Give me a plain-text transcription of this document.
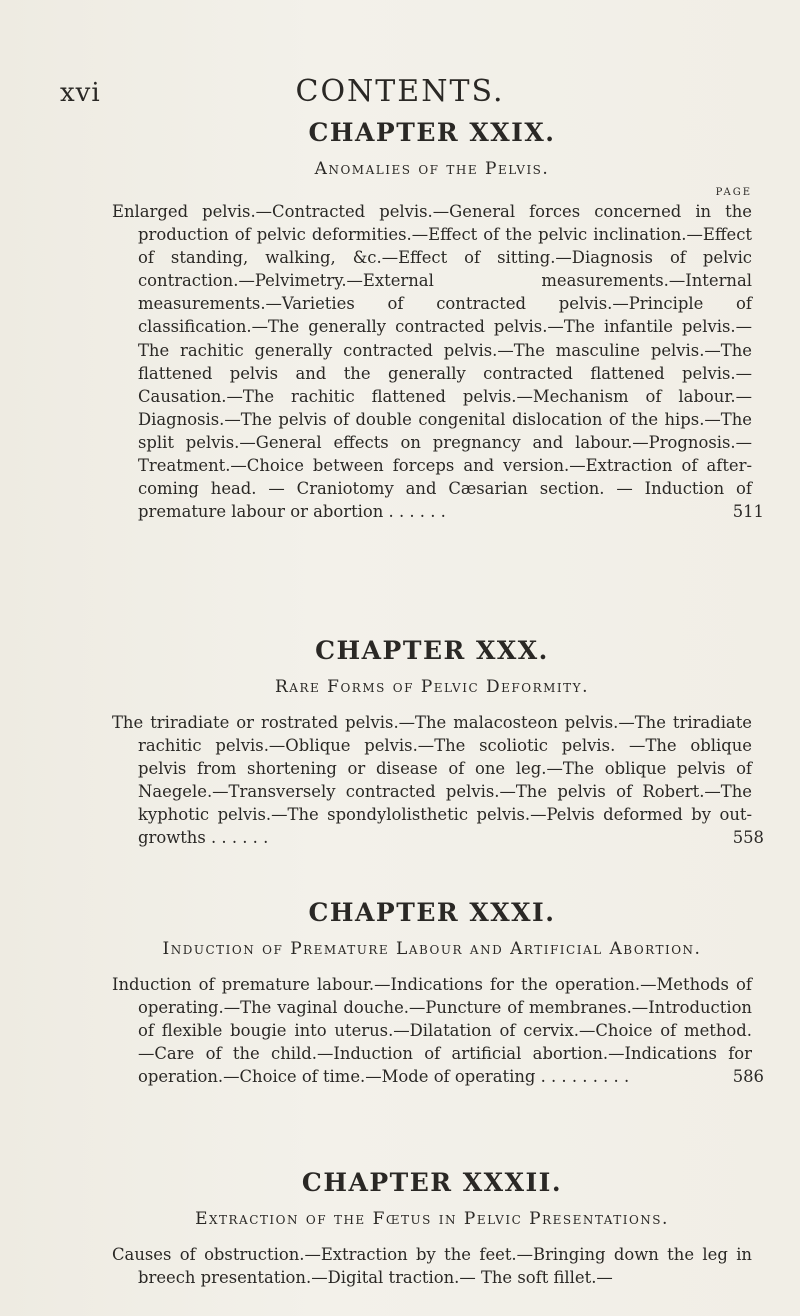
xvi	CONTENTS.
CHAPTER XXIX.
Anomalies of the Pelvis.
PAGE
Enlarged pelvis.—Contracted pelvis.—General forces concerned in the production of pelvic deformities.—Effect of the pelvic inclination.—Effect of standing, walking, &c.—Effect of sitting.—Diagnosis of pelvic contraction.—Pelvimetry.—External measurements.—Internal measurements.—Varieties of contracted pelvis.—Principle of classification.—The generally contracted pelvis.—The infantile pelvis.—The rachitic generally contracted pelvis.—The masculine pelvis.—The flattened pelvis and the generally contracted flattened pelvis.—Causation.—The rachitic flattened pelvis.—Mechanism of labour.—Diagnosis.—The pelvis of double congenital dislocation of the hips.—The split pelvis.—General effects on pregnancy and labour.—Prognosis.—Treatment.—Choice between forceps and version.—Extraction of after-coming head. — Craniotomy and Cæsarian section. — Induction of premature labour or abortion . . . . . .	511
CHAPTER XXX.
Rare Forms of Pelvic Deformity.
The triradiate or rostrated pelvis.—The malacosteon pelvis.—The triradiate rachitic pelvis.—Oblique pelvis.—The scoliotic pelvis. —The oblique pelvis from shortening or disease of one leg.—The oblique pelvis of Naegele.—Transversely contracted pelvis.—The pelvis of Robert.—The kyphotic pelvis.—The spondylolisthetic pelvis.—Pelvis deformed by out-growths . . . . . .	558
CHAPTER XXXI.
Induction of Premature Labour and Artificial Abortion.
Induction of premature labour.—Indications for the operation.—Methods of operating.—The vaginal douche.—Puncture of membranes.—Introduction of flexible bougie into uterus.—Dilatation of cervix.—Choice of method. —Care of the child.—Induction of artificial abortion.—Indications for operation.—Choice of time.—Mode of operating . . . . . . . . .	586
CHAPTER XXXII.
Extraction of the Fœtus in Pelvic Presentations.
Causes of obstruction.—Extraction by the feet.—Bringing down the leg in breech presentation.—Digital traction.— The soft fillet.—
